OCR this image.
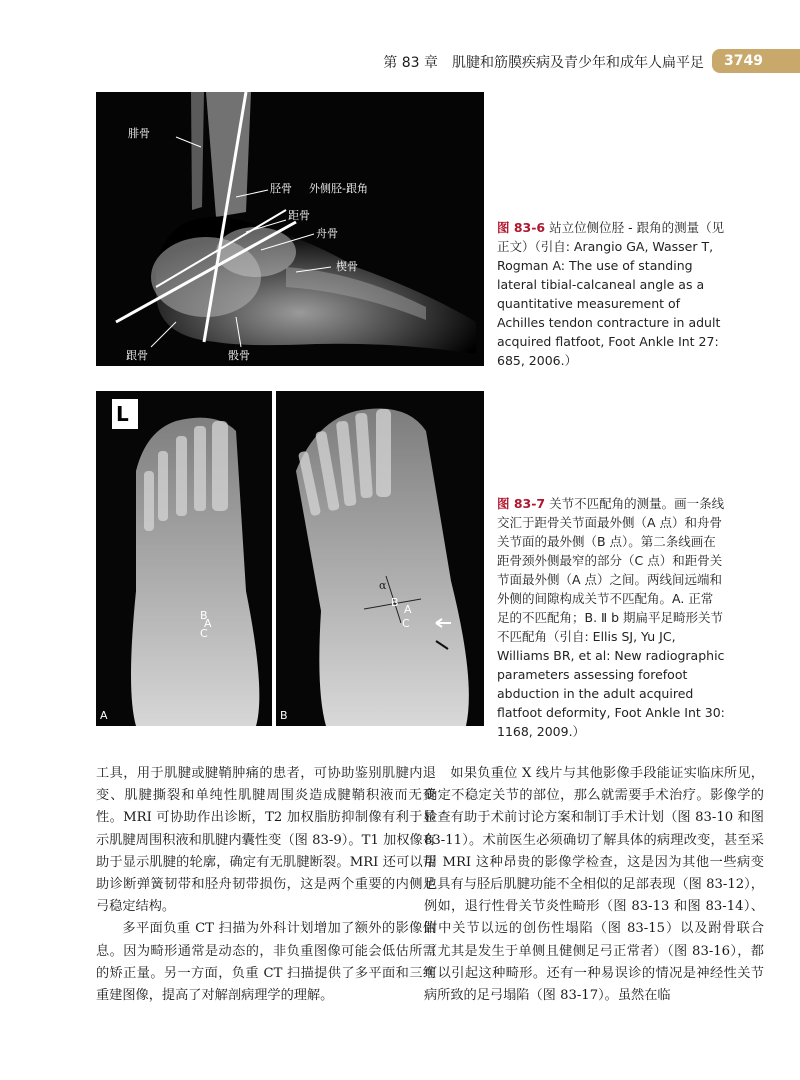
第 83 章　肌腱和筋膜疾病及青少年和成年人扁平足	3749
腓骨
胫骨 外侧胫-跟角
距骨
舟骨
楔骨
跟骨	骰骨
图 83-6 站立位侧位胫 - 跟角的测量（见正文）（引自: Arangio GA, Wasser T, Rogman A: The use of standing lateral tibial-calcaneal angle as a quantitative measurement of Achilles tendon contracture in adult acquired flatfoot, Foot Ankle Int 27: 685, 2006.）
L
B
A
C
A
α
B
A
C
B
图 83-7 关节不匹配角的测量。画一条线交汇于距骨关节面最外侧（A 点）和舟骨关节面的最外侧（B 点）。第二条线画在距骨颈外侧最窄的部分（C 点）和距骨关节面最外侧（A 点）之间。两线间远端和外侧的间隙构成关节不匹配角。A. 正常足的不匹配角；B. Ⅱ b 期扁平足畸形关节不匹配角（引自: Ellis SJ, Yu JC, Williams BR, et al: New radiographic parameters assessing forefoot abduction in the adult acquired flatfoot deformity, Foot Ankle Int 30: 1168, 2009.）

工具，用于肌腱或腱鞘肿痛的患者，可协助鉴别肌腱内退变、肌腱撕裂和单纯性肌腱周围炎造成腱鞘积液而无变性。MRI 可协助作出诊断，T2 加权脂肪抑制像有利于显示肌腱周围积液和肌腱内囊性变（图 83-9）。T1 加权像有助于显示肌腱的轮廓，确定有无肌腱断裂。MRI 还可以帮助诊断弹簧韧带和胫舟韧带损伤，这是两个重要的内侧足弓稳定结构。

多平面负重 CT 扫描为外科计划增加了额外的影像信息。因为畸形通常是动态的，非负重图像可能会低估所需的矫正量。另一方面，负重 CT 扫描提供了多平面和三维重建图像，提高了对解剖病理学的理解。

如果负重位 X 线片与其他影像手段能证实临床所见，确定不稳定关节的部位，那么就需要手术治疗。影像学的检查有助于术前讨论方案和制订手术计划（图 83-10 和图 83-11）。术前医生必须确切了解具体的病理改变，甚至采用 MRI 这种昂贵的影像学检查，这是因为其他一些病变也具有与胫后肌腱功能不全相似的足部表现（图 83-12），例如，退行性骨关节炎性畸形（图 83-13 和图 83-14）、跗中关节以远的创伤性塌陷（图 83-15）以及跗骨联合（尤其是发生于单侧且健侧足弓正常者）（图 83-16），都可以引起这种畸形。还有一种易误诊的情况是神经性关节病所致的足弓塌陷（图 83-17）。虽然在临
